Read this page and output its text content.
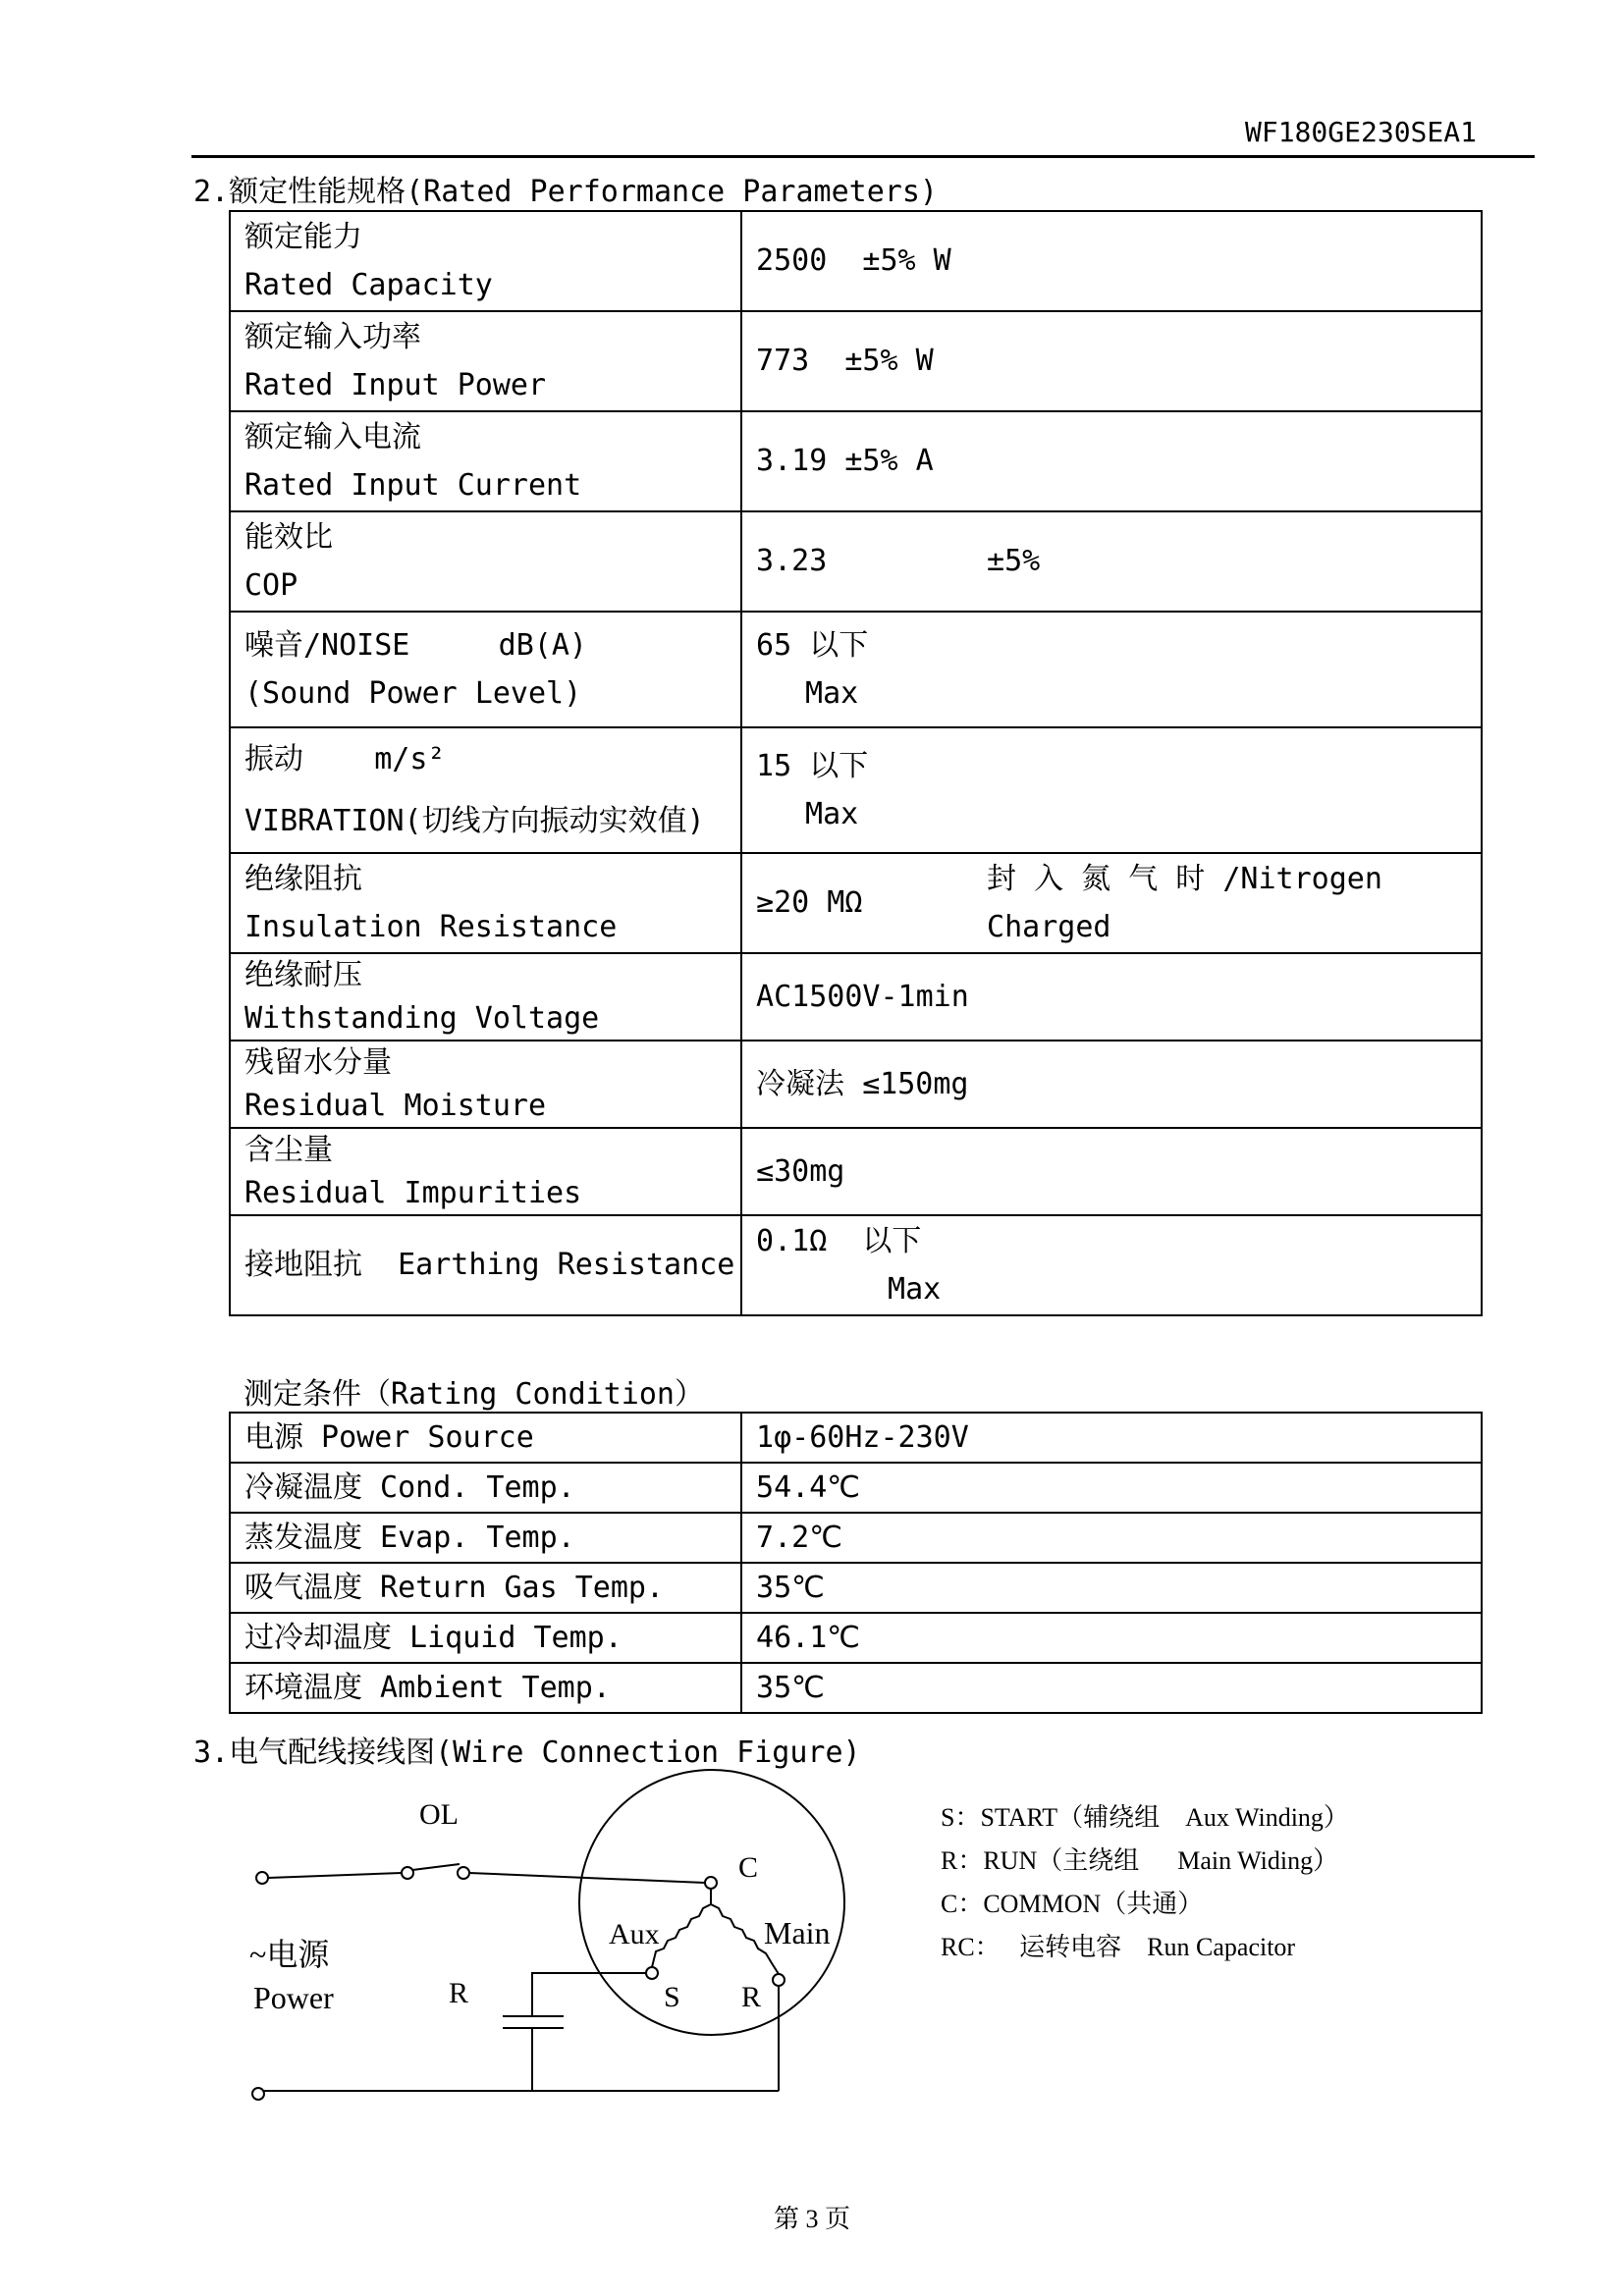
WF180GE230SEA1
2.额定性能规格(Rated Performance Parameters)
额定能力
Rated Capacity	2500  ±5% W

额定输入功率
Rated Input Power	773  ±5% W

额定输入电流
Rated Input Current	3.19 ±5% A

能效比
COP	3.23 ±5%

噪音/NOISE     dB(A)
(Sound Power Level)	65 以下
Max

振动    m/s²
VIBRATION(切线方向振动实效值)	15 以下
Max

绝缘阻抗
Insulation Resistance	≥20 MΩ
封 入 氮 气 时 /Nitrogen
Charged

绝缘耐压
Withstanding Voltage	AC1500V-1min

残留水分量
Residual Moisture	冷凝法 ≤150mg

含尘量
Residual Impurities	≤30mg
接地阻抗  Earthing Resistance	0.1Ω  以下
Max
测定条件（Rating Condition）
电源 Power Source	1φ-60Hz-230V
冷凝温度 Cond. Temp.	54.4℃
蒸发温度 Evap. Temp.	7.2℃
吸气温度 Return Gas Temp.	35℃
过冷却温度 Liquid Temp.	46.1℃
环境温度 Ambient Temp.	35℃
3.电气配线接线图(Wire Connection Figure)
OL
C
Aux	Main
S R
R
~电源
Power
S：START（辅绕组    Aux Winding）
R：RUN（主绕组      Main Widing）
C：COMMON（共通）
RC：   运转电容    Run Capacitor
第 3 页
